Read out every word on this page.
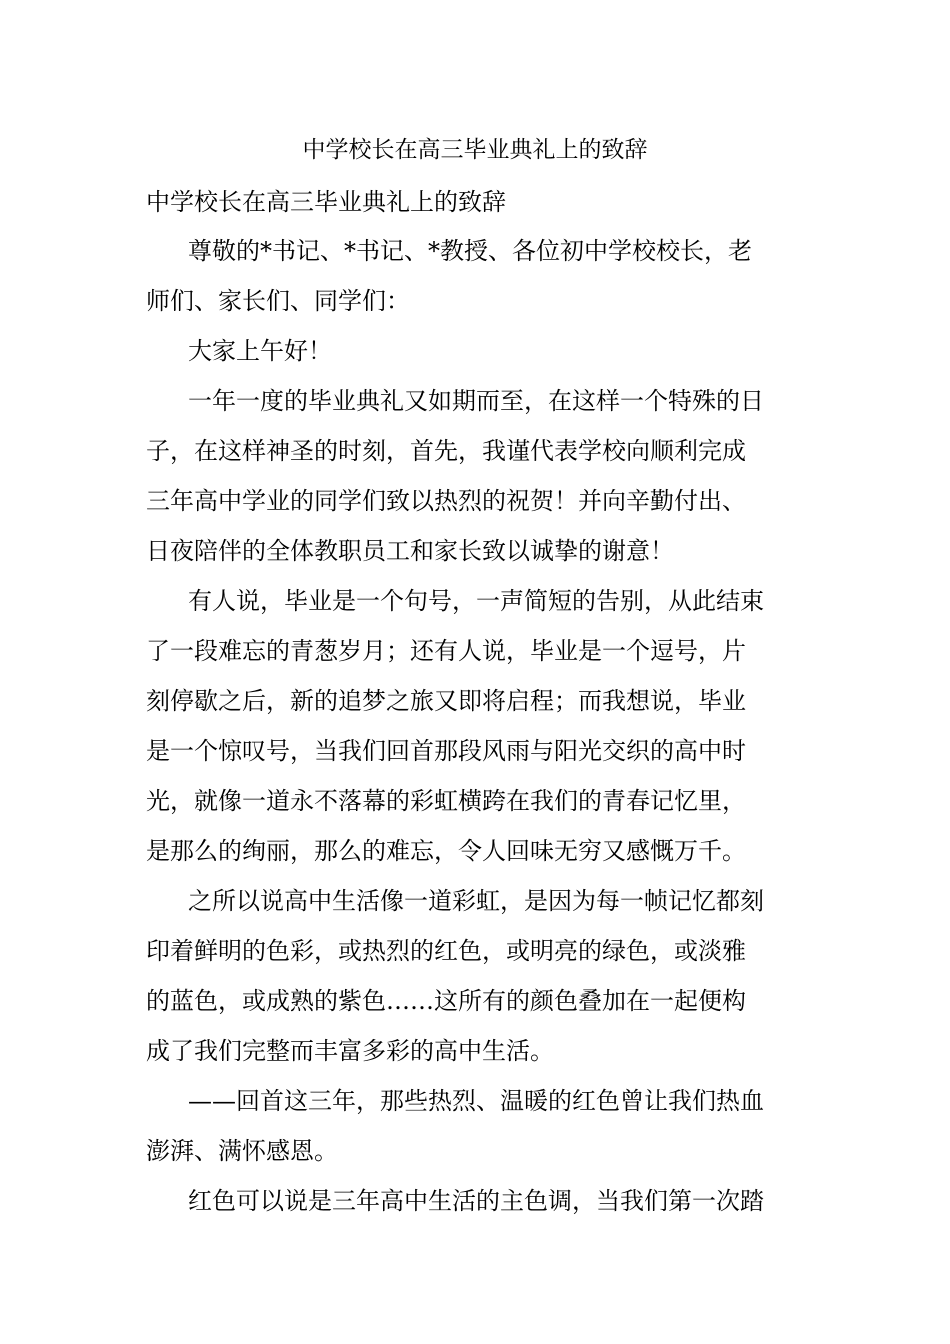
中学校长在高三毕业典礼上的致辞
中学校长在高三毕业典礼上的致辞
尊敬的*书记、*书记、*教授、各位初中学校校长，老
师们、家长们、同学们：
大家上午好！
一年一度的毕业典礼又如期而至，在这样一个特殊的日
子，在这样神圣的时刻，首先，我谨代表学校向顺利完成
三年高中学业的同学们致以热烈的祝贺！并向辛勤付出、
日夜陪伴的全体教职员工和家长致以诚挚的谢意！
有人说，毕业是一个句号，一声简短的告别，从此结束
了一段难忘的青葱岁月；还有人说，毕业是一个逗号，片
刻停歇之后，新的追梦之旅又即将启程；而我想说，毕业
是一个惊叹号，当我们回首那段风雨与阳光交织的高中时
光，就像一道永不落幕的彩虹横跨在我们的青春记忆里，
是那么的绚丽，那么的难忘，令人回味无穷又感慨万千。
之所以说高中生活像一道彩虹，是因为每一帧记忆都刻
印着鲜明的色彩，或热烈的红色，或明亮的绿色，或淡雅
的蓝色，或成熟的紫色……这所有的颜色叠加在一起便构
成了我们完整而丰富多彩的高中生活。
——回首这三年，那些热烈、温暖的红色曾让我们热血
澎湃、满怀感恩。
红色可以说是三年高中生活的主色调，当我们第一次踏
